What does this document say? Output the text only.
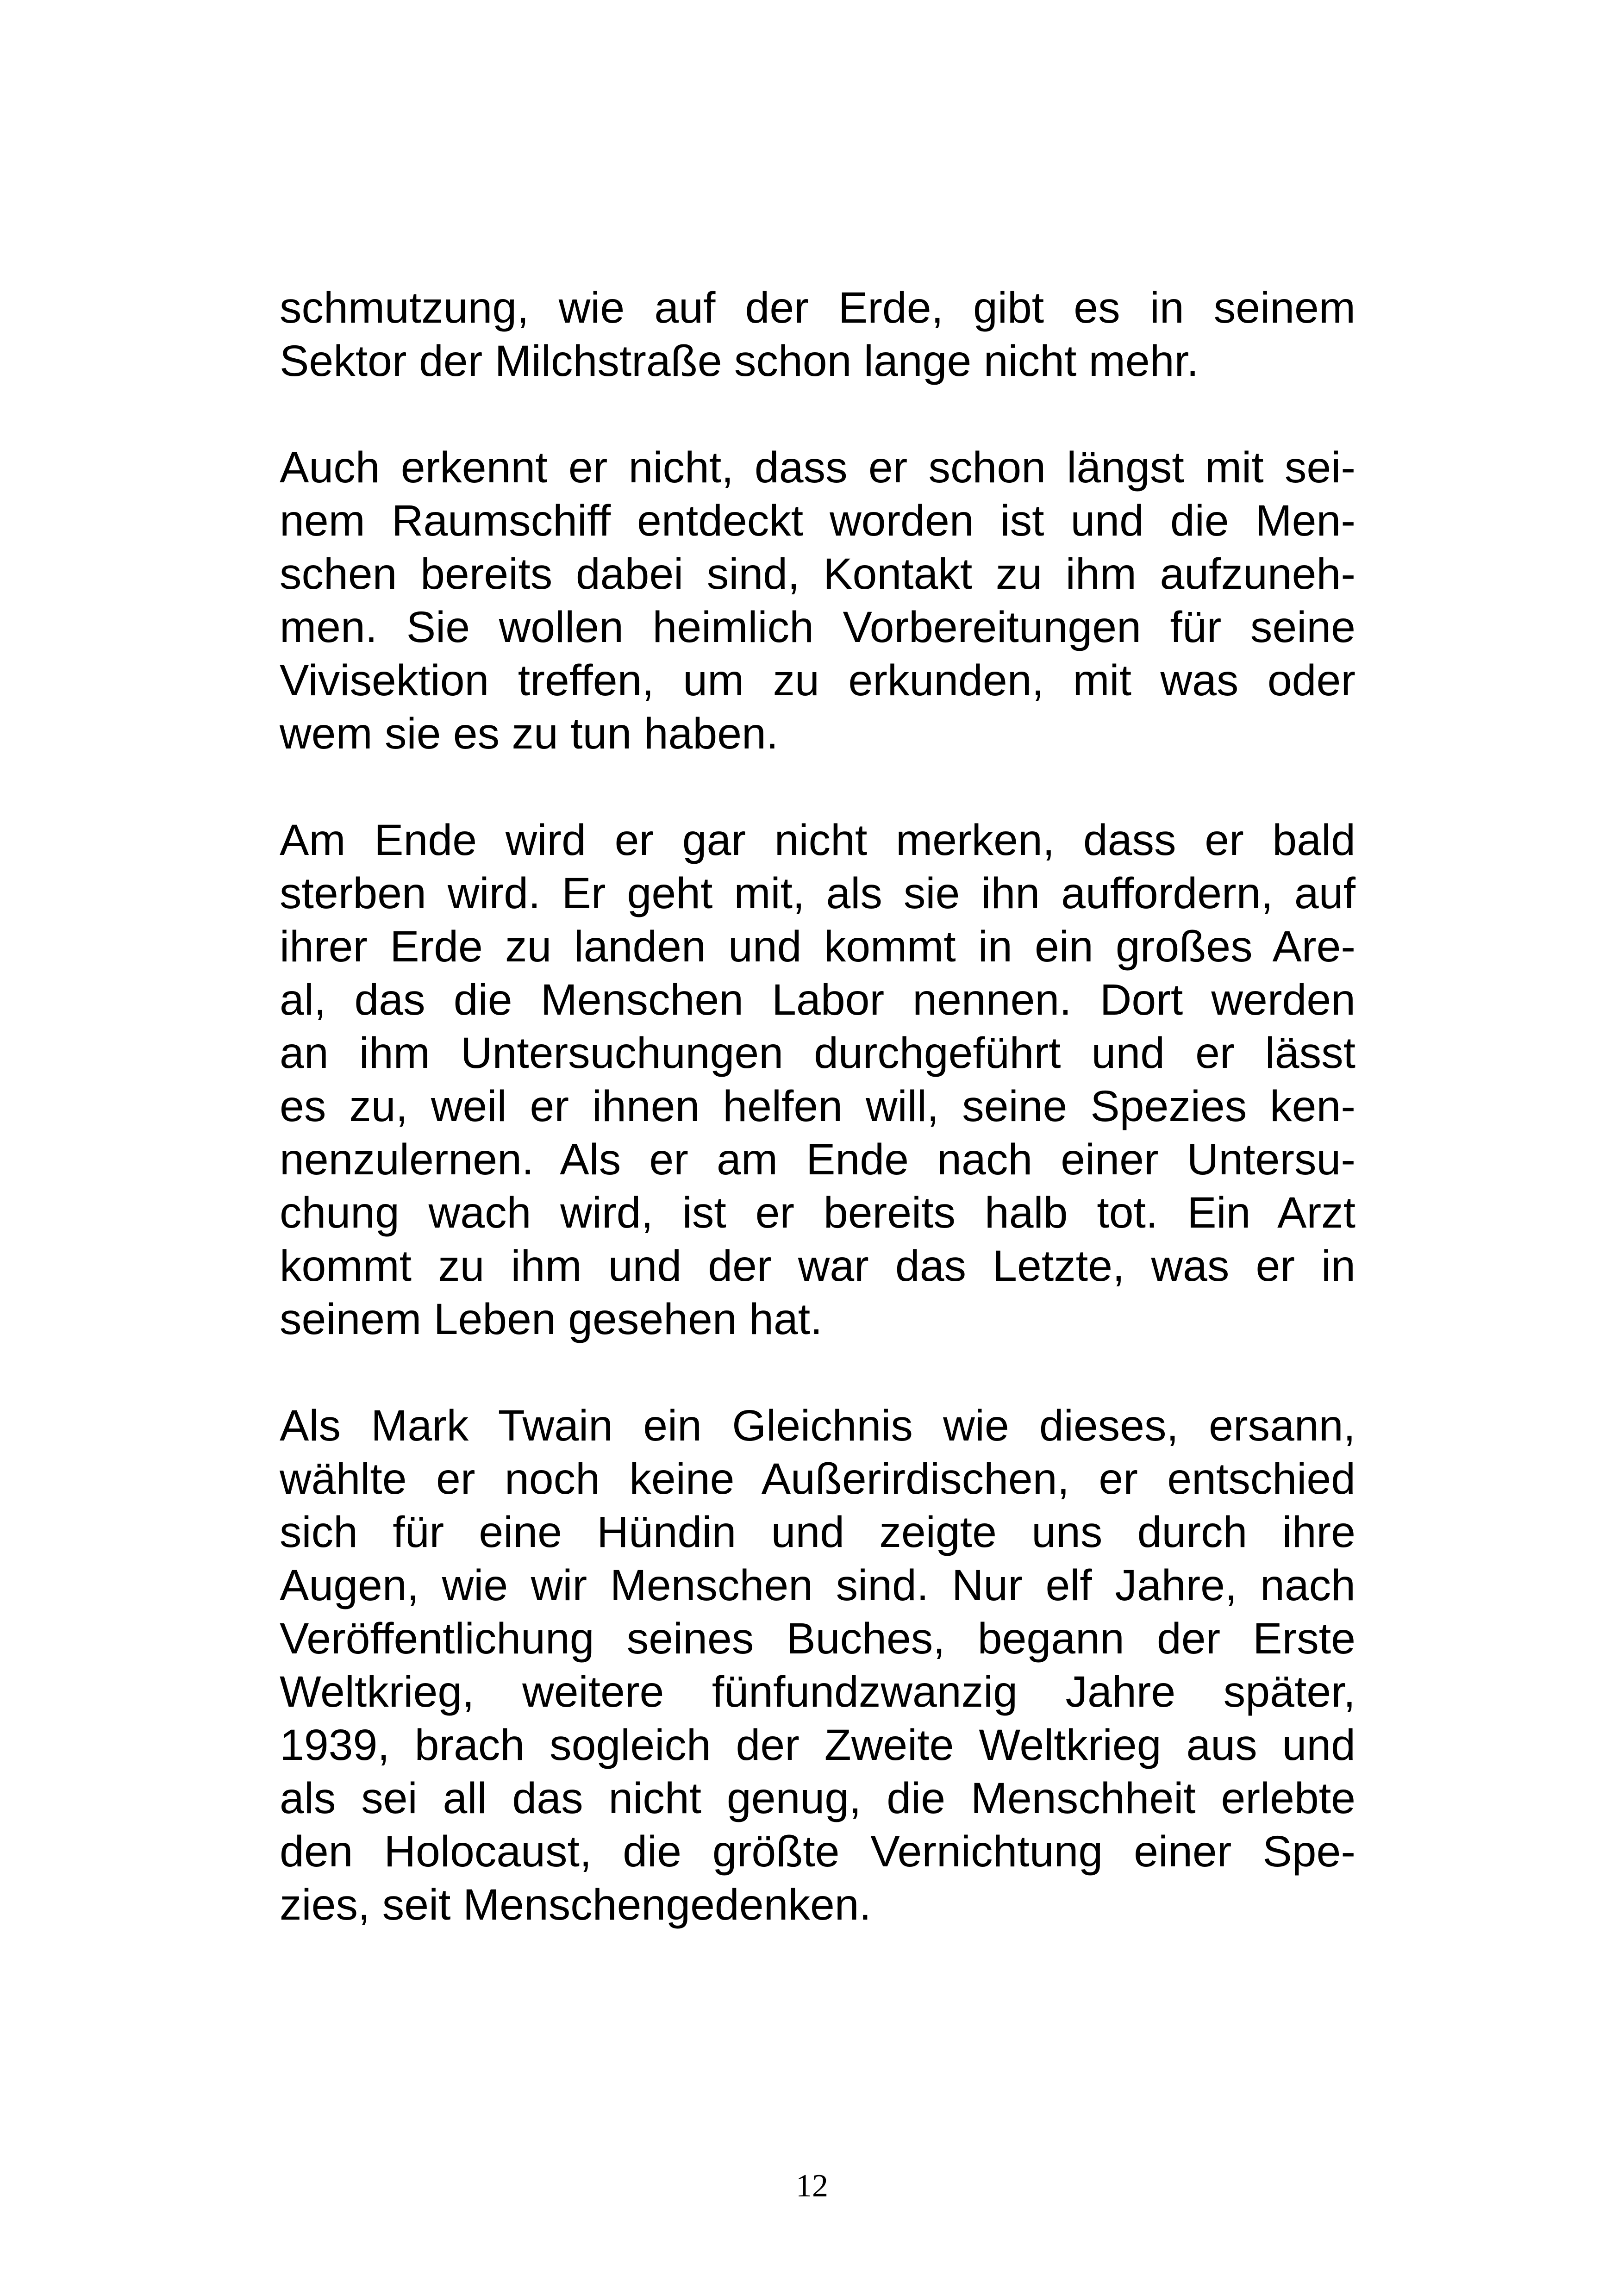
schmutzung, wie auf der Erde, gibt es in seinem
Sektor der Milchstraße schon lange nicht mehr.

Auch erkennt er nicht, dass er schon längst mit sei-
nem Raumschiff entdeckt worden ist und die Men-
schen bereits dabei sind, Kontakt zu ihm aufzuneh-
men. Sie wollen heimlich Vorbereitungen für seine
Vivisektion treffen, um zu erkunden, mit was oder
wem sie es zu tun haben.

Am Ende wird er gar nicht merken, dass er bald
sterben wird. Er geht mit, als sie ihn auffordern, auf
ihrer Erde zu landen und kommt in ein großes Are-
al, das die Menschen Labor nennen. Dort werden
an ihm Untersuchungen durchgeführt und er lässt
es zu, weil er ihnen helfen will, seine Spezies ken-
nenzulernen. Als er am Ende nach einer Untersu-
chung wach wird, ist er bereits halb tot. Ein Arzt
kommt zu ihm und der war das Letzte, was er in
seinem Leben gesehen hat.

Als Mark Twain ein Gleichnis wie dieses, ersann,
wählte er noch keine Außerirdischen, er entschied
sich für eine Hündin und zeigte uns durch ihre
Augen, wie wir Menschen sind. Nur elf Jahre, nach
Veröffentlichung seines Buches, begann der Erste
Weltkrieg, weitere fünfundzwanzig Jahre später,
1939, brach sogleich der Zweite Weltkrieg aus und
als sei all das nicht genug, die Menschheit erlebte
den Holocaust, die größte Vernichtung einer Spe-
zies, seit Menschengedenken.

12
